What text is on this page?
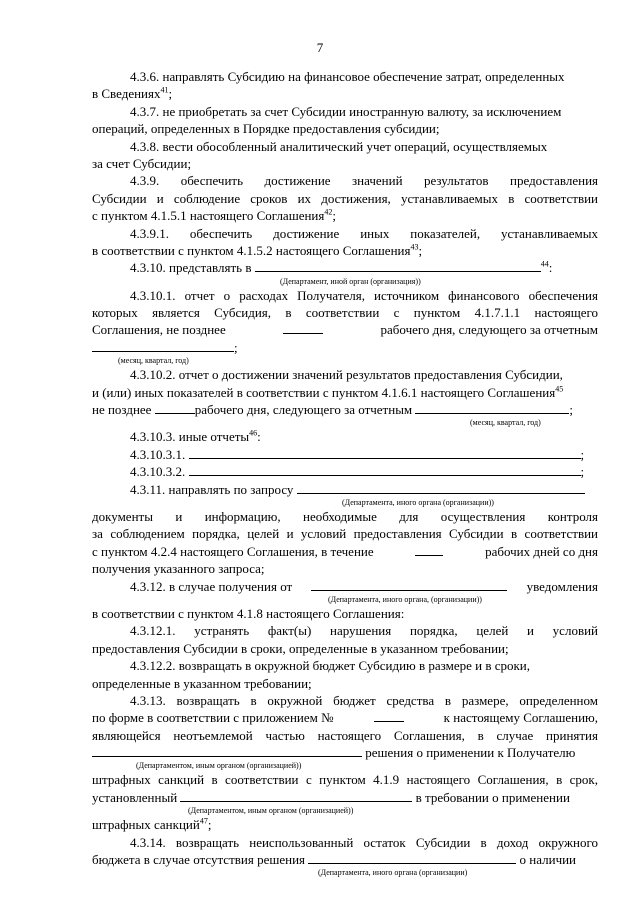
7
4.3.6. направлять Субсидию на финансовое обеспечение затрат, определенных
в Сведениях$^{41}$;
4.3.7. не приобретать за счет Субсидии иностранную валюту, за исключением
операций, определенных в Порядке предоставления субсидии;
4.3.8. вести обособленный аналитический учет операций, осуществляемых
за счет Субсидии;
4.3.9. обеспечить достижение значений результатов предоставления
Субсидии и соблюдение сроков их достижения, устанавливаемых в соответствии
с пунктом 4.1.5.1 настоящего Соглашения$^{42}$;
4.3.9.1. обеспечить достижение иных показателей, устанавливаемых
в соответствии с пунктом 4.1.5.2 настоящего Соглашения$^{43}$;
4.3.10. представлять в	$^{44}$:
(Департамент, иной орган (организация))
4.3.10.1. отчет о расходах Получателя, источником финансового обеспечения
которых является Субсидия, в соответствии с пунктом 4.1.7.1.1 настоящего
Соглашения, не позднее	рабочего дня, следующего за отчетным
;
(месяц, квартал, год)
4.3.10.2. отчет о достижении значений результатов предоставления Субсидии,
и (или) иных показателей в соответствии с пунктом 4.1.6.1 настоящего Соглашения$^{45}$
не позднее	рабочего дня, следующего за отчетным	;
(месяц, квартал, год)
4.3.10.3. иные отчеты$^{46}$:
4.3.10.3.1.	;
4.3.10.3.2.	;
4.3.11. направлять по запросу
(Департамента, иного органа (организации))
документы и информацию, необходимые для осуществления контроля
за соблюдением порядка, целей и условий предоставления Субсидии в соответствии
с пунктом 4.2.4 настоящего Соглашения, в течение	рабочих дней со дня
получения указанного запроса;
4.3.12. в случае получения от	уведомления
(Департамента, иного органа, (организации))
в соответствии с пунктом 4.1.8 настоящего Соглашения:
4.3.12.1. устранять факт(ы) нарушения порядка, целей и условий
предоставления Субсидии в сроки, определенные в указанном требовании;
4.3.12.2. возвращать в окружной бюджет Субсидию в размере и в сроки,
определенные в указанном требовании;
4.3.13. возвращать в окружной бюджет средства в размере, определенном
по форме в соответствии с приложением №	к настоящему Соглашению,
являющейся неотъемлемой частью настоящего Соглашения, в случае принятия
решения о применении к Получателю
(Департаментом, иным органом (организацией))
штрафных санкций в соответствии с пунктом 4.1.9 настоящего Соглашения, в срок,
установленный	в требовании о применении
(Департаментом, иным органом (организацией))
штрафных санкций$^{47}$;
4.3.14. возвращать неиспользованный остаток Субсидии в доход окружного
бюджета в случае отсутствия решения	о наличии
(Департамента, иного органа (организации)
